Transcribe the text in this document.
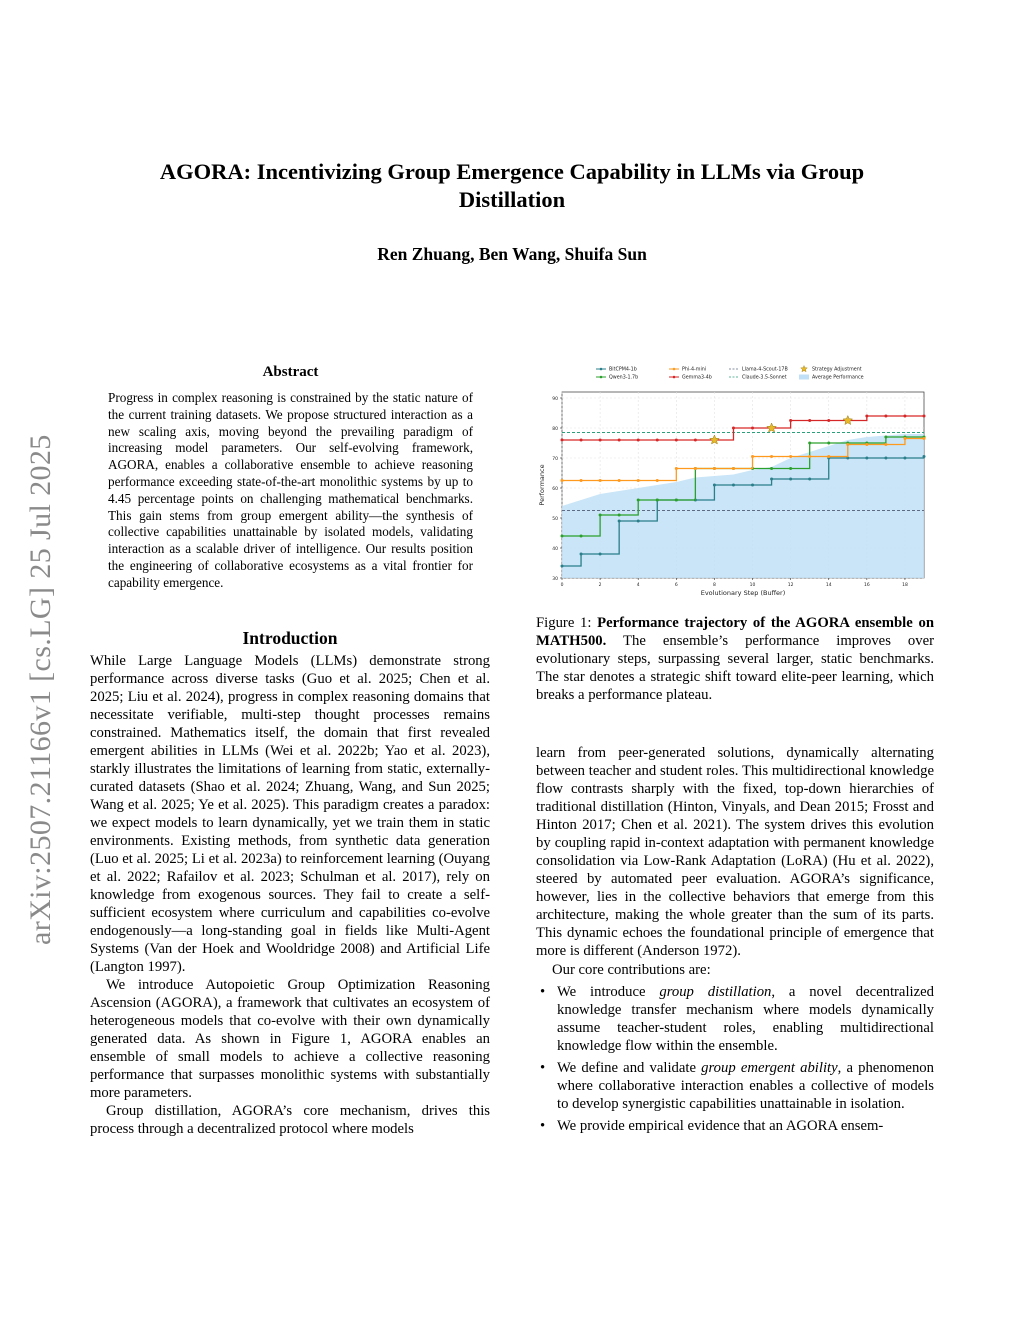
AGORA: Incentivizing Group Emergence Capability in LLMs via Group
Distillation
Ren Zhuang, Ben Wang, Shuifa Sun
arXiv:2507.21166v1 [cs.LG] 25 Jul 2025
Abstract
Progress in complex reasoning is constrained by the static nature of the current training datasets. We propose structured interaction as a new scaling axis, moving beyond the prevailing paradigm of increasing model parameters. Our self-evolving framework, AGORA, enables a collaborative ensemble to achieve reasoning performance exceeding state-of-the-art monolithic systems by up to 4.45 percentage points on challenging mathematical benchmarks. This gain stems from group emergent ability—the synthesis of collective capabilities unattainable by isolated models, validating interaction as a scalable driver of intelligence. Our results position the engineering of collaborative ecosystems as a vital frontier for capability emergence.
Introduction

While Large Language Models (LLMs) demonstrate strong performance across diverse tasks (Guo et al. 2025; Chen et al. 2025; Liu et al. 2024), progress in complex reasoning domains that necessitate verifiable, multi-step thought processes remains constrained. Mathematics itself, the domain that first revealed emergent abilities in LLMs (Wei et al. 2022b; Yao et al. 2023), starkly illustrates the limitations of learning from static, externally-curated datasets (Shao et al. 2024; Zhuang, Wang, and Sun 2025; Wang et al. 2025; Ye et al. 2025). This paradigm creates a paradox: we expect models to learn dynamically, yet we train them in static environments. Existing methods, from synthetic data generation (Luo et al. 2025; Li et al. 2023a) to reinforcement learning (Ouyang et al. 2022; Rafailov et al. 2023; Schulman et al. 2017), rely on knowledge from exogenous sources. They fail to create a self-sufficient ecosystem where curriculum and capabilities co-evolve endogenously—a long-standing goal in fields like Multi-Agent Systems (Van der Hoek and Wooldridge 2008) and Artificial Life (Langton 1997).

We introduce Autopoietic Group Optimization Reasoning Ascension (AGORA), a framework that cultivates an ecosystem of heterogeneous models that co-evolve with their own dynamically generated data. As shown in Figure 1, AGORA enables an ensemble of small models to achieve a collective reasoning performance that surpasses monolithic systems with substantially more parameters.

Group distillation, AGORA’s core mechanism, drives this process through a decentralized protocol where models

30
40
50
60
70
80
90
0	2	4	6	8	10	12	14	16	18
Evolutionary Step (Buffer)
Performance
BitCPM4-1b
Qwen3-1.7b
Phi-4-mini
Gemma3-4b
Llama-4-Scout-17B
Claude-3.5-Sonnet
Strategy Adjustment
Average Performance
Figure 1: Performance trajectory of the AGORA ensemble on MATH500. The ensemble’s performance improves over evolutionary steps, surpassing several larger, static benchmarks. The star denotes a strategic shift toward elite-peer learning, which breaks a performance plateau.

learn from peer-generated solutions, dynamically alternating between teacher and student roles. This multidirectional knowledge flow contrasts sharply with the fixed, top-down hierarchies of traditional distillation (Hinton, Vinyals, and Dean 2015; Frosst and Hinton 2017; Chen et al. 2021). The system drives this evolution by coupling rapid in-context adaptation with permanent knowledge consolidation via Low-Rank Adaptation (LoRA) (Hu et al. 2022), steered by automated peer evaluation. AGORA’s significance, however, lies in the collective behaviors that emerge from this architecture, making the whole greater than the sum of its parts. This dynamic echoes the foundational principle of emergence that more is different (Anderson 1972).

Our core contributions are:

• We introduce group distillation, a novel decentralized knowledge transfer mechanism where models dynamically assume teacher-student roles, enabling multidirectional knowledge flow within the ensemble.
• We define and validate group emergent ability, a phenomenon where collaborative interaction enables a collective of models to develop synergistic capabilities unattainable in isolation.
• We provide empirical evidence that an AGORA ensem-
